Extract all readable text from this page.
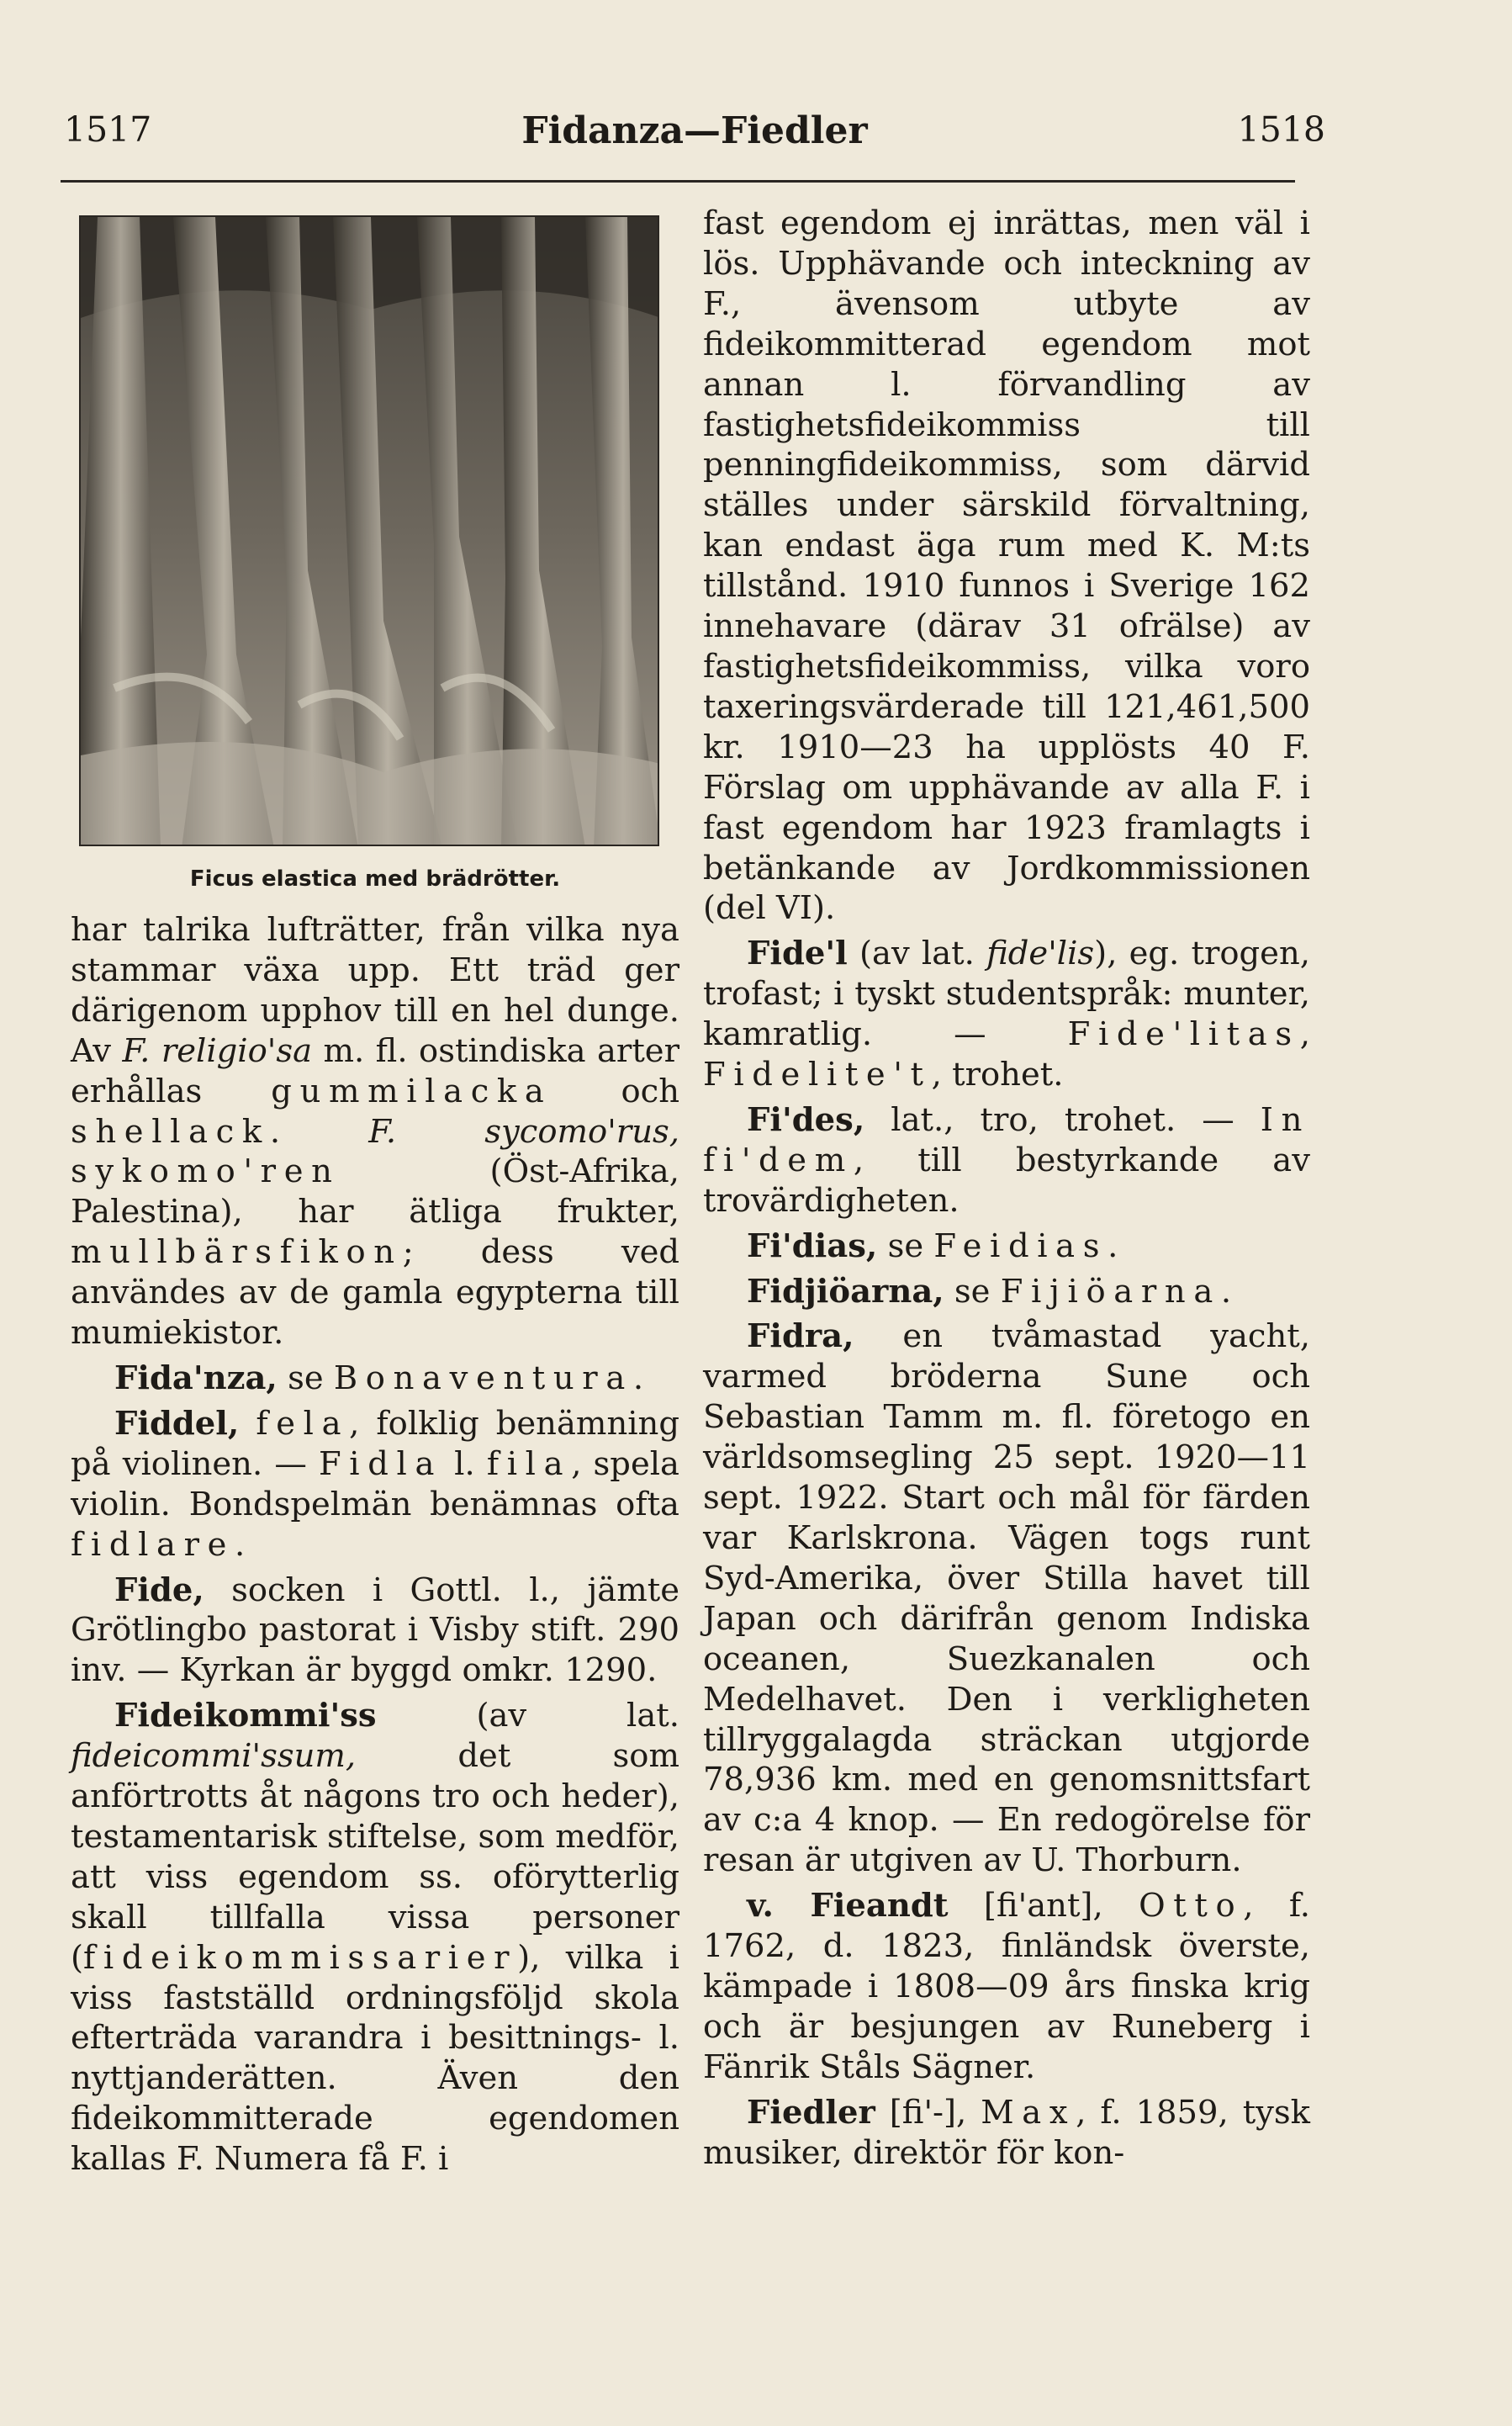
1517	Fidanza—Fiedler	1518
Ficus elastica med brädrötter.

har talrika lufträtter, från vilka nya stammar växa upp. Ett träd ger därigenom upphov till en hel dunge. Av F. religio'sa m. fl. ostindiska arter erhållas gummilacka och shellack. F. sycomo'rus, sykomo'ren (Öst-Afrika, Palestina), har ätliga frukter, mullbärsfikon; dess ved användes av de gamla egypterna till mumiekistor.

Fida'nza, se Bonaventura.

Fiddel, fela, folklig benämning på violinen. — Fidla l. fila, spela violin. Bondspelmän benämnas ofta fidlare.

Fide, socken i Gottl. l., jämte Grötlingbo pastorat i Visby stift. 290 inv. — Kyrkan är byggd omkr. 1290.

Fideikommi'ss (av lat. fideicommi'ssum, det som anförtrotts åt någons tro och heder), testamentarisk stiftelse, som medför, att viss egendom ss. oförytterlig skall tillfalla vissa personer (fideikommissarier), vilka i viss fastställd ordningsföljd skola efterträda varandra i besittnings- l. nyttjanderätten. Även den fideikommitterade egendomen kallas F. Numera få F. i

fast egendom ej inrättas, men väl i lös. Upphävande och inteckning av F., ävensom utbyte av fideikommitterad egendom mot annan l. förvandling av fastighetsfideikommiss till penningfideikommiss, som därvid ställes under särskild förvaltning, kan endast äga rum med K. M:ts tillstånd. 1910 funnos i Sverige 162 innehavare (därav 31 ofrälse) av fastighetsfideikommiss, vilka voro taxeringsvärderade till 121,461,500 kr. 1910—23 ha upplösts 40 F. Förslag om upphävande av alla F. i fast egendom har 1923 framlagts i betänkande av Jordkommissionen (del VI).

Fide'l (av lat. fide'lis), eg. trogen, trofast; i tyskt studentspråk: munter, kamratlig. — Fide'litas, Fidelite't, trohet.

Fi'des, lat., tro, trohet. — In fi'dem, till bestyrkande av trovärdigheten.

Fi'dias, se Feidias.

Fidjiöarna, se Fijiöarna.

Fidra, en tvåmastad yacht, varmed bröderna Sune och Sebastian Tamm m. fl. företogo en världsomsegling 25 sept. 1920—11 sept. 1922. Start och mål för färden var Karlskrona. Vägen togs runt Syd-Amerika, över Stilla havet till Japan och därifrån genom Indiska oceanen, Suezkanalen och Medelhavet. Den i verkligheten tillryggalagda sträckan utgjorde 78,936 km. med en genomsnittsfart av c:a 4 knop. — En redogörelse för resan är utgiven av U. Thorburn.

v. Fieandt [fi'ant], Otto, f. 1762, d. 1823, finländsk överste, kämpade i 1808—09 års finska krig och är besjungen av Runeberg i Fänrik Ståls Sägner.

Fiedler [fi'-], Max, f. 1859, tysk musiker, direktör för kon-
